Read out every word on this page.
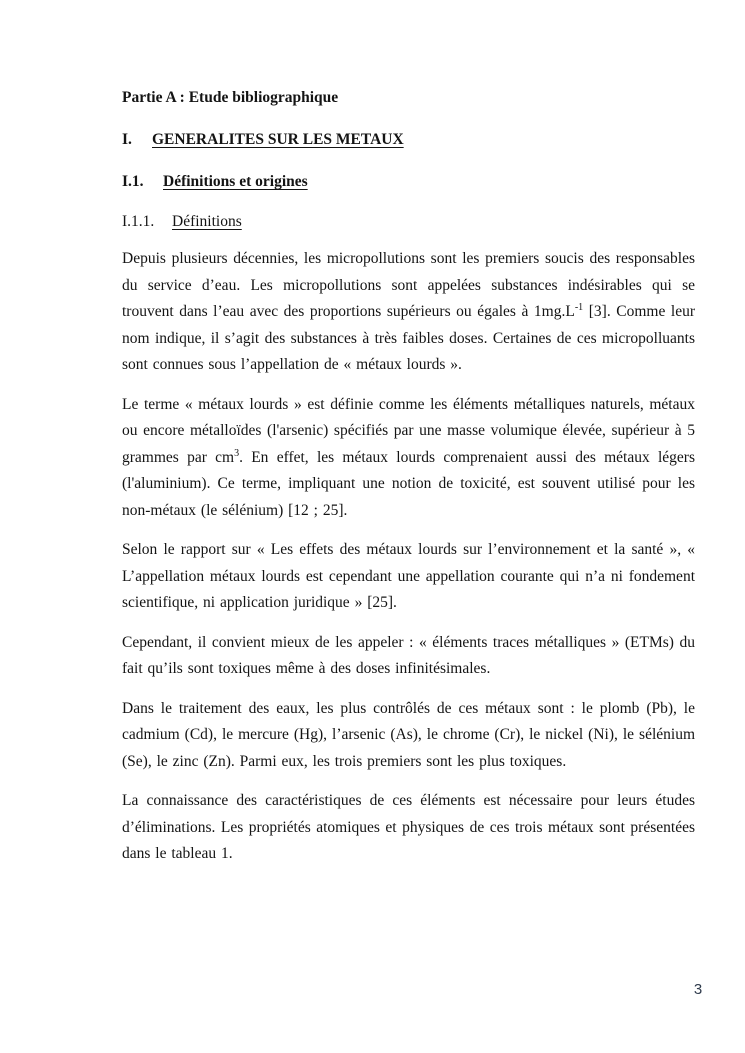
Partie A : Etude bibliographique

I. GENERALITES SUR LES METAUX

I.1. Définitions et origines

I.1.1. Définitions

Depuis plusieurs décennies, les micropollutions sont les premiers soucis des responsables du service d’eau. Les micropollutions sont appelées substances indésirables qui se trouvent dans l’eau avec des proportions supérieurs ou égales à $1mg.L^{-1}$ [3]. Comme leur nom indique, il s’agit des substances à très faibles doses. Certaines de ces micropolluants sont connues sous l’appellation de « métaux lourds ».

Le terme « métaux lourds » est définie comme les éléments métalliques naturels, métaux ou encore métalloïdes (l'arsenic) spécifiés par une masse volumique élevée, supérieur à 5 grammes par $cm^3$. En effet, les métaux lourds comprenaient aussi des métaux légers (l'aluminium). Ce terme, impliquant une notion de toxicité, est souvent utilisé pour les non-métaux (le sélénium) [12 ; 25].

Selon le rapport sur « Les effets des métaux lourds sur l’environnement et la santé », « L’appellation métaux lourds est cependant une appellation courante qui n’a ni fondement scientifique, ni application juridique » [25].

Cependant, il convient mieux de les appeler : « éléments traces métalliques » (ETMs) du fait qu’ils sont toxiques même à des doses infinitésimales.

Dans le traitement des eaux, les plus contrôlés de ces métaux sont : le plomb (Pb), le cadmium (Cd), le mercure (Hg), l’arsenic (As), le chrome (Cr), le nickel (Ni), le sélénium (Se), le zinc (Zn). Parmi eux, les trois premiers sont les plus toxiques.

La connaissance des caractéristiques de ces éléments est nécessaire pour leurs études d’éliminations. Les propriétés atomiques et physiques de ces trois métaux sont présentées dans le tableau 1.

3
